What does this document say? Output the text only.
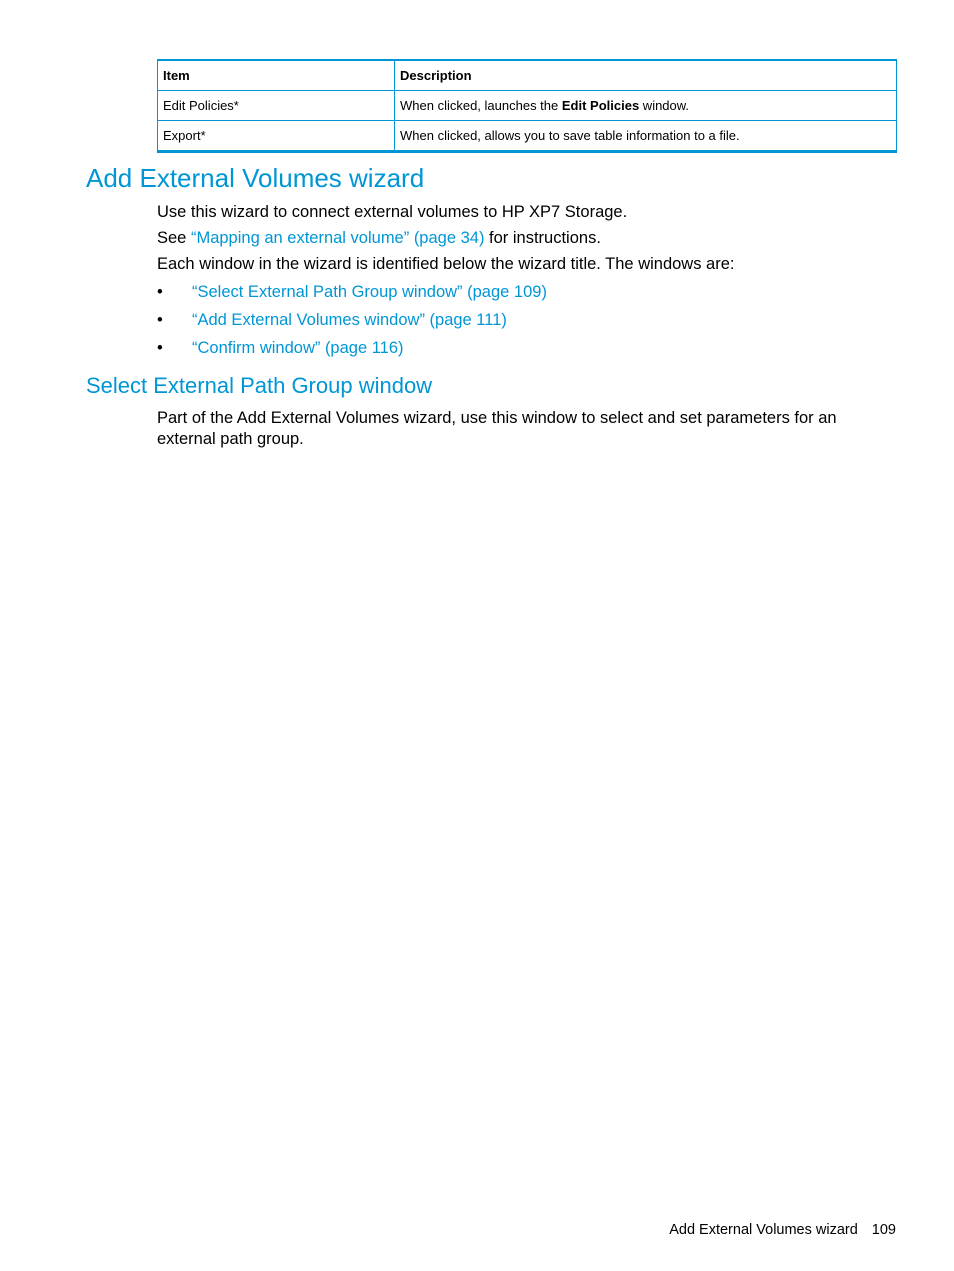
Item	Description
Edit Policies*	When clicked, launches the Edit Policies window.
Export*	When clicked, allows you to save table information to a file.
Add External Volumes wizard

Use this wizard to connect external volumes to HP XP7 Storage.

See “Mapping an external volume” (page 34) for instructions.

Each window in the wizard is identified below the wizard title. The windows are:

• “Select External Path Group window” (page 109)
• “Add External Volumes window” (page 111)
• “Confirm window” (page 116)
Select External Path Group window

Part of the Add External Volumes wizard, use this window to select and set parameters for an
external path group.

Add External Volumes wizard 109
